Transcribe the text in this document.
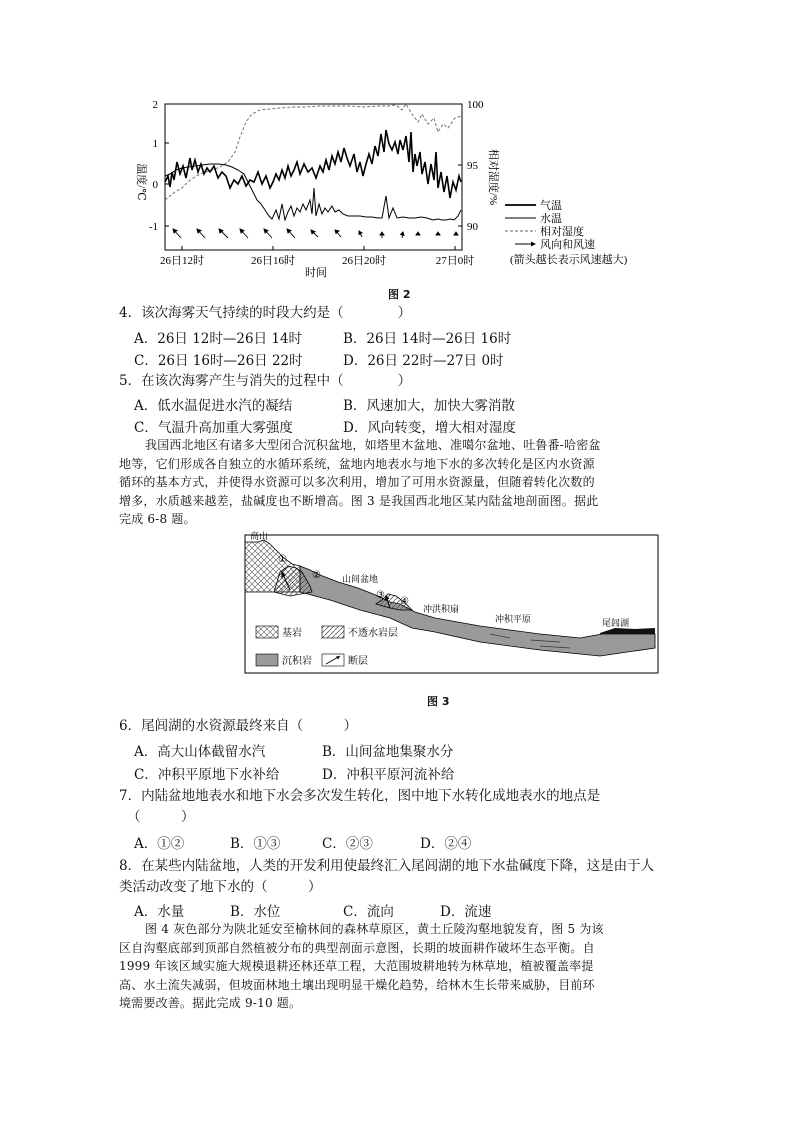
2
1
0
-1
100
95
90
26日12时	26日16时	26日20时	27日0时
时间
温度/℃	相对湿度/%
气温
水温
相对湿度
风向和风速
(箭头越长表示风速越大)
图 2
4．该次海雾天气持续的时段大约是（　　　　）
A．26日 12时—26日 14时	B．26日 14时—26日 16时
C．26日 16时—26日 22时	D．26日 22时—27日 0时
5．在该次海雾产生与消失的过程中（　　　　）
A．低水温促进水汽的凝结	B．风速加大，加快大雾消散
C．气温升高加重大雾强度	D．风向转变，增大相对湿度
我国西北地区有诸多大型闭合沉积盆地，如塔里木盆地、准噶尔盆地、吐鲁番-哈密盆
地等，它们形成各自独立的水循环系统，盆地内地表水与地下水的多次转化是区内水资源
循环的基本方式，并使得水资源可以多次利用，增加了可用水资源量，但随着转化次数的
增多，水质越来越差，盐碱度也不断增高。图 3 是我国西北地区某内陆盆地剖面图。据此
完成 6-8 题。
高山
①
② 山间盆地
③
④
冲洪积扇
冲积平原	尾闾湖
基岩	不透水岩层
沉积岩	断层
图 3
6．尾闾湖的水资源最终来自（　　　）
A．高大山体截留水汽	B．山间盆地集聚水分
C．冲积平原地下水补给	D．冲积平原河流补给
7．内陆盆地地表水和地下水会多次发生转化，图中地下水转化成地表水的地点是
（　　　）
A．①②	B．①③	C．②③	D．②④
8．在某些内陆盆地，人类的开发利用使最终汇入尾闾湖的地下水盐碱度下降，这是由于人
类活动改变了地下水的（　　　）
A．水量	B．水位	C．流向	D．流速
图 4 灰色部分为陕北延安至榆林间的森林草原区，黄土丘陵沟壑地貌发育，图 5 为该
区自沟壑底部到顶部自然植被分布的典型剖面示意图，长期的坡面耕作破坏生态平衡。自
1999 年该区域实施大规模退耕还林还草工程，大范围坡耕地转为林草地，植被覆盖率提
高、水土流失减弱，但坡面林地土壤出现明显干燥化趋势，给林木生长带来威胁，目前环
境需要改善。据此完成 9-10 题。
